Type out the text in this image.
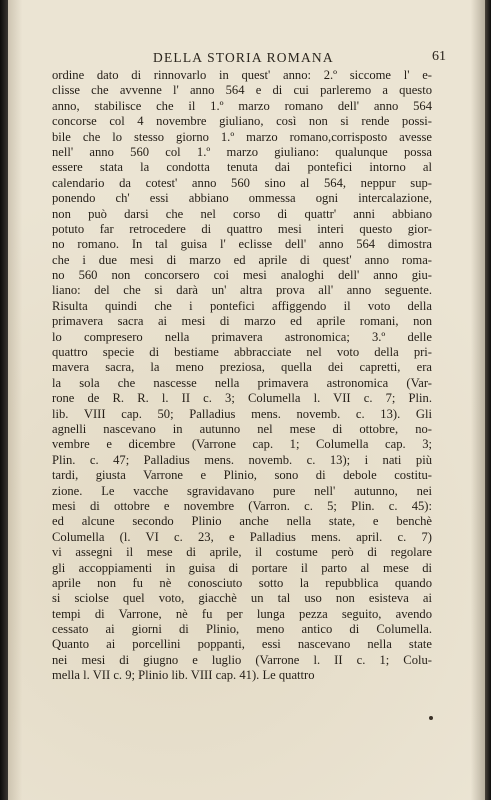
DELLA STORIA ROMANA	61
ordine dato di rinnovarlo in quest' anno: 2.º siccome l' e-
clisse che avvenne l' anno 564 e di cui parleremo a questo
anno, stabilisce che il 1.º marzo romano dell' anno 564
concorse col 4 novembre giuliano, così non si rende possi-
bile che lo stesso giorno 1.º marzo romano,corrisposto avesse
nell' anno 560 col 1.º marzo giuliano: qualunque possa
essere stata la condotta tenuta dai pontefici intorno al
calendario da cotest' anno 560 sino al 564, neppur sup-
ponendo ch' essi abbiano ommessa ogni intercalazione,
non può darsi che nel corso di quattr' anni abbiano
potuto far retrocedere di quattro mesi interi questo gior-
no romano. In tal guisa l' eclisse dell' anno 564 dimostra
che i due mesi di marzo ed aprile di quest' anno roma-
no 560 non concorsero coi mesi analoghi dell' anno giu-
liano: del che si darà un' altra prova all' anno seguente.
Risulta quindi che i pontefici affiggendo il voto della
primavera sacra ai mesi di marzo ed aprile romani, non
lo compresero nella primavera astronomica; 3.º delle
quattro specie di bestiame abbracciate nel voto della pri-
mavera sacra, la meno preziosa, quella dei capretti, era
la sola che nascesse nella primavera astronomica (Var-
rone de R. R. l. II c. 3; Columella l. VII c. 7; Plin.
lib. VIII cap. 50; Palladius mens. novemb. c. 13). Gli
agnelli nascevano in autunno nel mese di ottobre, no-
vembre e dicembre (Varrone cap. 1; Columella cap. 3;
Plin. c. 47; Palladius mens. novemb. c. 13); i nati più
tardi, giusta Varrone e Plinio, sono di debole costitu-
zione. Le vacche sgravidavano pure nell' autunno, nei
mesi di ottobre e novembre (Varron. c. 5; Plin. c. 45):
ed alcune secondo Plinio anche nella state, e benchè
Columella (l. VI c. 23, e Palladius mens. april. c. 7)
vi assegni il mese di aprile, il costume però di regolare
gli accoppiamenti in guisa di portare il parto al mese di
aprile non fu nè conosciuto sotto la repubblica quando
si sciolse quel voto, giacchè un tal uso non esisteva ai
tempi di Varrone, nè fu per lunga pezza seguito, avendo
cessato ai giorni di Plinio, meno antico di Columella.
Quanto ai porcellini poppanti, essi nascevano nella state
nei mesi di giugno e luglio (Varrone l. II c. 1; Colu-
mella l. VII c. 9; Plinio lib. VIII cap. 41). Le quattro
